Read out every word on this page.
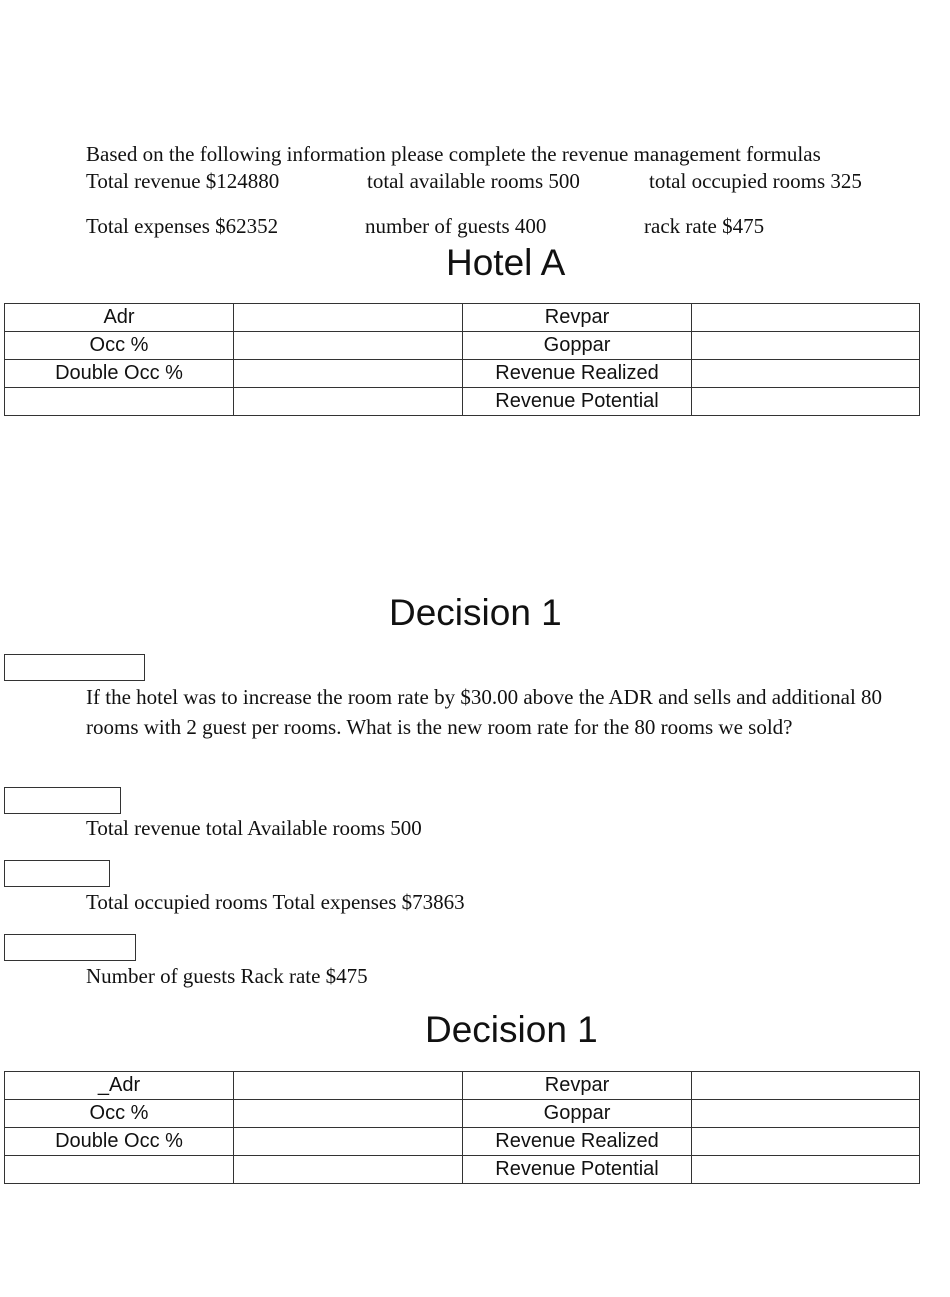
Based on the following information please complete the revenue management formulas
Total revenue $124880	total available rooms 500	total occupied rooms 325
Total expenses $62352	number of guests 400	rack rate $475
Hotel A
Adr		Revpar	
Occ %		Goppar	
Double Occ %		Revenue Realized	
		Revenue Potential	
Decision 1
If the hotel was to increase the room rate by $30.00 above the ADR and sells and additional 80 rooms with 2 guest per rooms. What is the new room rate for the 80 rooms we sold?
Total revenue total Available rooms 500
Total occupied rooms Total expenses $73863
Number of guests Rack rate $475
Decision 1
_Adr		Revpar	
Occ %		Goppar	
Double Occ %		Revenue Realized	
		Revenue Potential	
